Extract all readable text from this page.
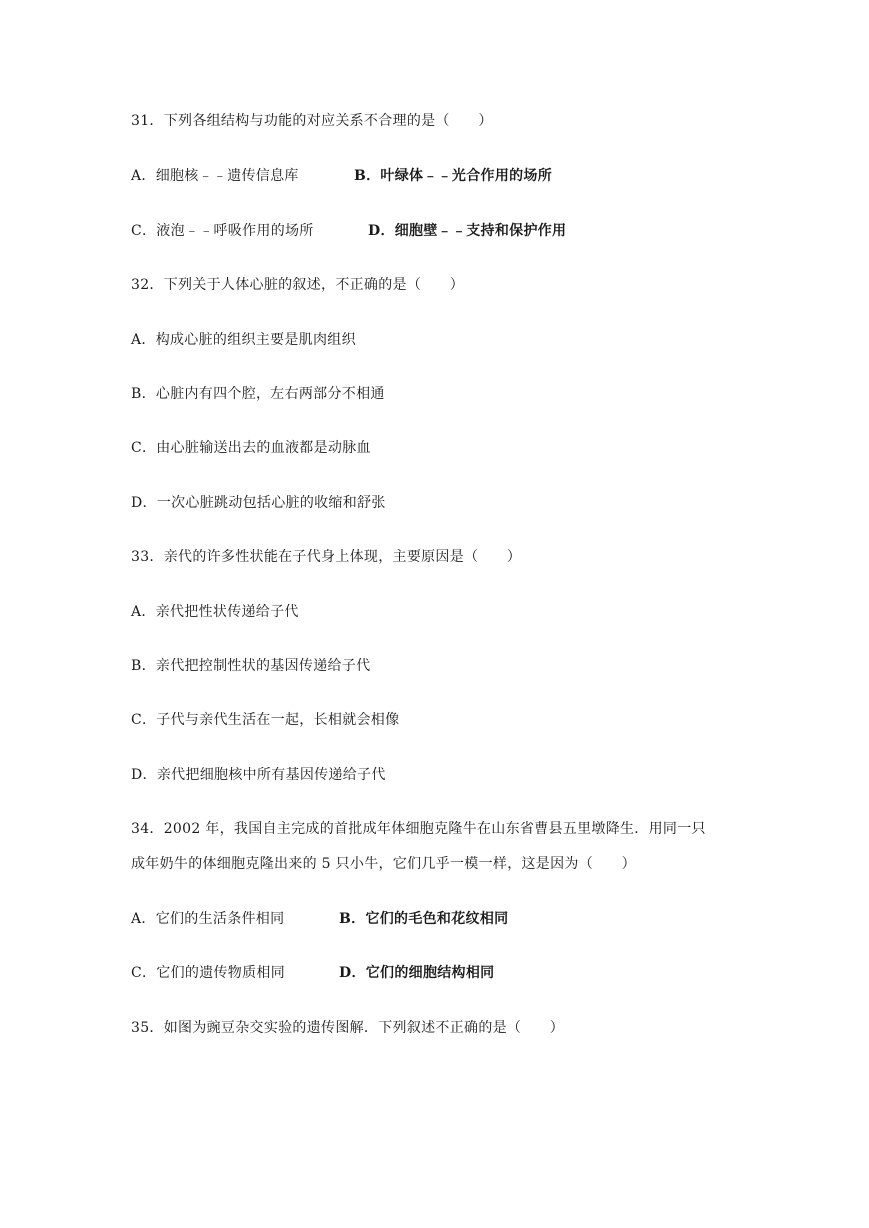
31．下列各组结构与功能的对应关系不合理的是（　　）
A．细胞核﹣﹣遗传信息库	B．叶绿体﹣﹣光合作用的场所
C．液泡﹣﹣呼吸作用的场所	D．细胞壁﹣﹣支持和保护作用
32．下列关于人体心脏的叙述，不正确的是（　　）
A．构成心脏的组织主要是肌肉组织
B．心脏内有四个腔，左右两部分不相通
C．由心脏输送出去的血液都是动脉血
D．一次心脏跳动包括心脏的收缩和舒张
33．亲代的许多性状能在子代身上体现，主要原因是（　　）
A．亲代把性状传递给子代
B．亲代把控制性状的基因传递给子代
C．子代与亲代生活在一起，长相就会相像
D．亲代把细胞核中所有基因传递给子代
34．2002 年，我国自主完成的首批成年体细胞克隆牛在山东省曹县五里墩降生．用同一只
成年奶牛的体细胞克隆出来的 5 只小牛，它们几乎一模一样，这是因为（　　）
A．它们的生活条件相同	B．它们的毛色和花纹相同
C．它们的遗传物质相同	D．它们的细胞结构相同
35．如图为豌豆杂交实验的遗传图解．下列叙述不正确的是（　　）
